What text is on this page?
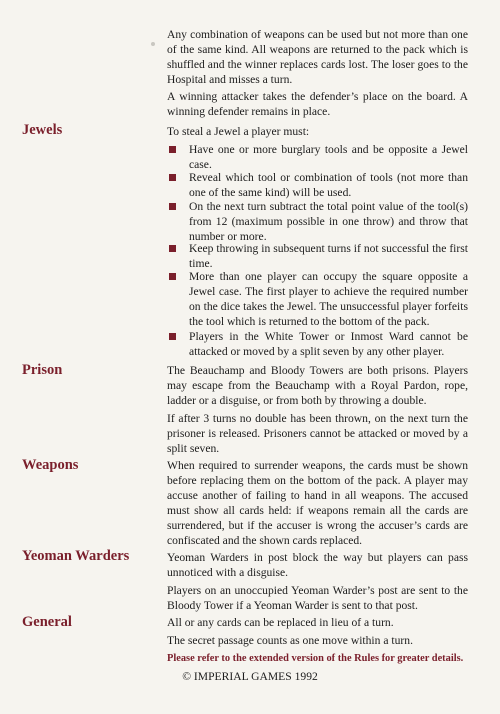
Any combination of weapons can be used but not more than one of the same kind. All weapons are returned to the pack which is shuffled and the winner replaces cards lost. The loser goes to the Hospital and misses a turn.

A winning attacker takes the defender’s place on the board. A winning defender remains in place.

Jewels	To steal a Jewel a player must:

Have one or more burglary tools and be opposite a Jewel case.
Reveal which tool or combination of tools (not more than one of the same kind) will be used.
On the next turn subtract the total point value of the tool(s) from 12 (maximum possible in one throw) and throw that number or more.
Keep throwing in subsequent turns if not successful the first time.
More than one player can occupy the square opposite a Jewel case. The first player to achieve the required number on the dice takes the Jewel. The unsuccessful player forfeits the tool which is returned to the bottom of the pack.
Players in the White Tower or Inmost Ward cannot be attacked or moved by a split seven by any other player.
Prison	The Beauchamp and Bloody Towers are both prisons. Players may escape from the Beauchamp with a Royal Pardon, rope, ladder or a disguise, or from both by throwing a double.

If after 3 turns no double has been thrown, on the next turn the prisoner is released. Prisoners cannot be attacked or moved by a split seven.

Weapons	When required to surrender weapons, the cards must be shown before replacing them on the bottom of the pack. A player may accuse another of failing to hand in all weapons. The accused must show all cards held: if weapons remain all the cards are surrendered, but if the accuser is wrong the accuser’s cards are confiscated and the shown cards replaced.

Yeoman Warders	Yeoman Warders in post block the way but players can pass unnoticed with a disguise.

Players on an unoccupied Yeoman Warder’s post are sent to the Bloody Tower if a Yeoman Warder is sent to that post.

General	All or any cards can be replaced in lieu of a turn.

The secret passage counts as one move within a turn.

Please refer to the extended version of the Rules for greater details.

© IMPERIAL GAMES 1992
